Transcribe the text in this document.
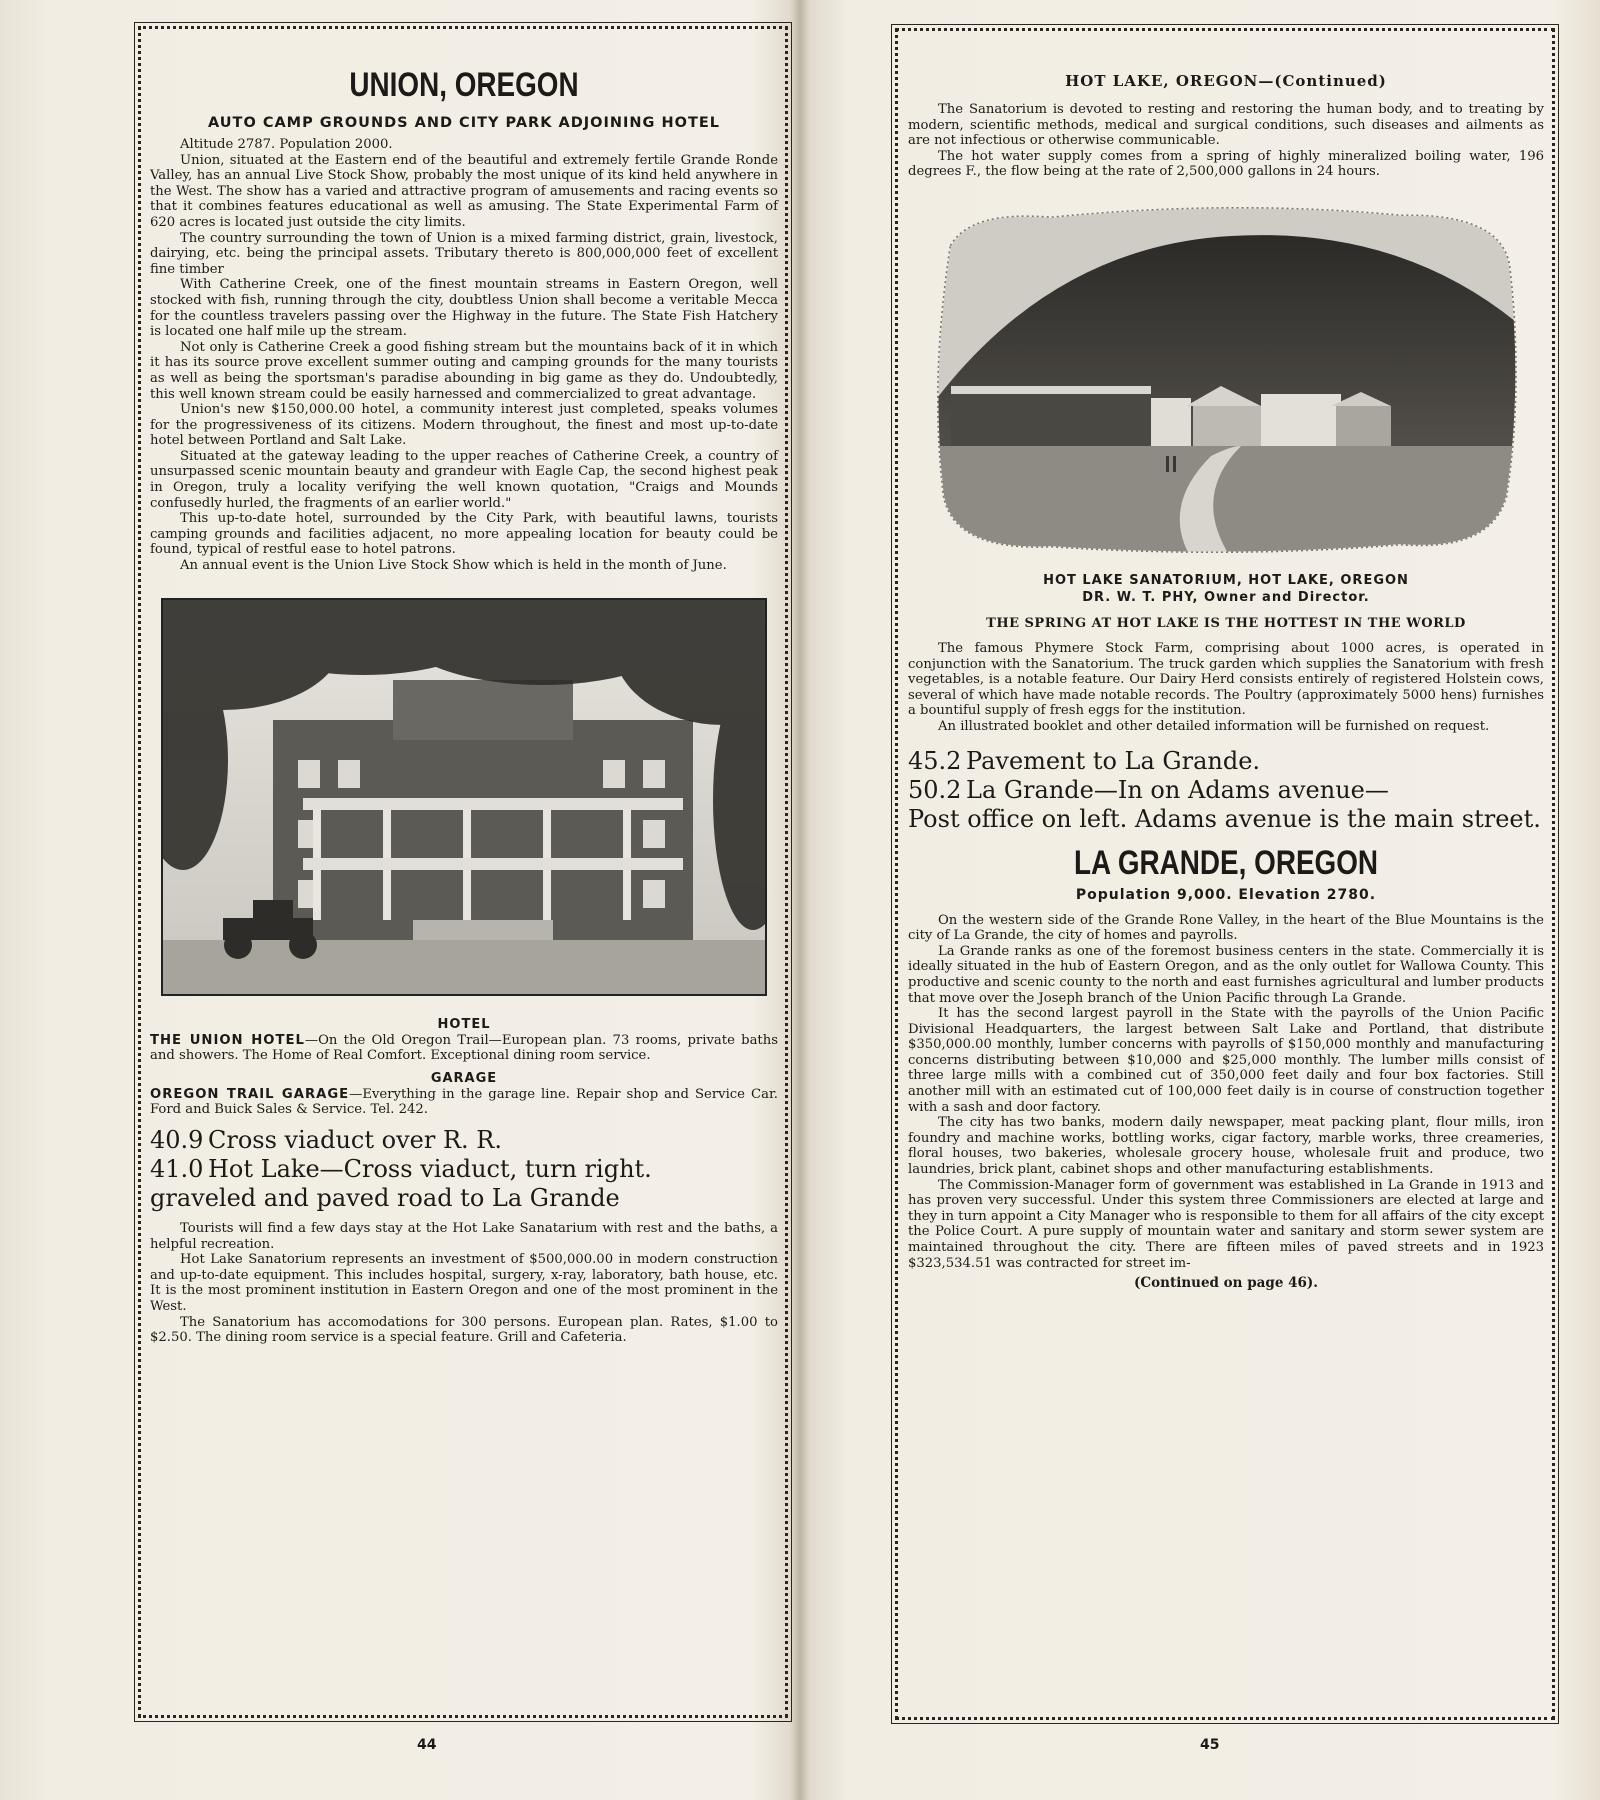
UNION, OREGON
AUTO CAMP GROUNDS AND CITY PARK ADJOINING HOTEL

Altitude 2787. Population 2000.

Union, situated at the Eastern end of the beautiful and extremely fertile Grande Ronde Valley, has an annual Live Stock Show, probably the most unique of its kind held anywhere in the West. The show has a varied and attractive program of amusements and racing events so that it combines features educational as well as amusing. The State Experimental Farm of 620 acres is located just outside the city limits.

The country surrounding the town of Union is a mixed farming district, grain, livestock, dairying, etc. being the principal assets. Tributary thereto is 800,000,000 feet of excellent fine timber

With Catherine Creek, one of the finest mountain streams in Eastern Oregon, well stocked with fish, running through the city, doubtless Union shall become a veritable Mecca for the countless travelers passing over the Highway in the future. The State Fish Hatchery is located one half mile up the stream.

Not only is Catherine Creek a good fishing stream but the mountains back of it in which it has its source prove excellent summer outing and camping grounds for the many tourists as well as being the sportsman's paradise abounding in big game as they do. Undoubtedly, this well known stream could be easily harnessed and commercialized to great advantage.

Union's new $150,000.00 hotel, a community interest just completed, speaks volumes for the progressiveness of its citizens. Modern throughout, the finest and most up-to-date hotel between Portland and Salt Lake.

Situated at the gateway leading to the upper reaches of Catherine Creek, a country of unsurpassed scenic mountain beauty and grandeur with Eagle Cap, the second highest peak in Oregon, truly a locality verifying the well known quotation, "Craigs and Mounds confusedly hurled, the fragments of an earlier world."

This up-to-date hotel, surrounded by the City Park, with beautiful lawns, tourists camping grounds and facilities adjacent, no more appealing location for beauty could be found, typical of restful ease to hotel patrons.

An annual event is the Union Live Stock Show which is held in the month of June.

HOTEL

THE UNION HOTEL—On the Old Oregon Trail—European plan. 73 rooms, private baths and showers. The Home of Real Comfort. Exceptional dining room service.

GARAGE

OREGON TRAIL GARAGE—Everything in the garage line. Repair shop and Service Car. Ford and Buick Sales & Service. Tel. 242.

40.9 Cross viaduct over R. R.
41.0 Hot Lake—Cross viaduct, turn right.
graveled and paved road to La Grande

Tourists will find a few days stay at the Hot Lake Sanatarium with rest and the baths, a helpful recreation.

Hot Lake Sanatorium represents an investment of $500,000.00 in modern construction and up-to-date equipment. This includes hospital, surgery, x-ray, laboratory, bath house, etc. It is the most prominent institution in Eastern Oregon and one of the most prominent in the West.

The Sanatorium has accomodations for 300 persons. European plan. Rates, $1.00 to $2.50. The dining room service is a special feature. Grill and Cafeteria.

44
HOT LAKE, OREGON—(Continued)

The Sanatorium is devoted to resting and restoring the human body, and to treating by modern, scientific methods, medical and surgical conditions, such diseases and ailments as are not infectious or otherwise communicable.

The hot water supply comes from a spring of highly mineralized boiling water, 196 degrees F., the flow being at the rate of 2,500,000 gallons in 24 hours.

HOT LAKE SANATORIUM, HOT LAKE, OREGON
DR. W. T. PHY, Owner and Director.
THE SPRING AT HOT LAKE IS THE HOTTEST IN THE WORLD

The famous Phymere Stock Farm, comprising about 1000 acres, is operated in conjunction with the Sanatorium. The truck garden which supplies the Sanatorium with fresh vegetables, is a notable feature. Our Dairy Herd consists entirely of registered Holstein cows, several of which have made notable records. The Poultry (approximately 5000 hens) furnishes a bountiful supply of fresh eggs for the institution.

An illustrated booklet and other detailed information will be furnished on request.

45.2 Pavement to La Grande.
50.2 La Grande—In on Adams avenue—
Post office on left. Adams avenue is the main street.
LA GRANDE, OREGON
Population 9,000. Elevation 2780.

On the western side of the Grande Rone Valley, in the heart of the Blue Mountains is the city of La Grande, the city of homes and payrolls.

La Grande ranks as one of the foremost business centers in the state. Commercially it is ideally situated in the hub of Eastern Oregon, and as the only outlet for Wallowa County. This productive and scenic county to the north and east furnishes agricultural and lumber products that move over the Joseph branch of the Union Pacific through La Grande.

It has the second largest payroll in the State with the payrolls of the Union Pacific Divisional Headquarters, the largest between Salt Lake and Portland, that distribute $350,000.00 monthly, lumber concerns with payrolls of $150,000 monthly and manufacturing concerns distributing between $10,000 and $25,000 monthly. The lumber mills consist of three large mills with a combined cut of 350,000 feet daily and four box factories. Still another mill with an estimated cut of 100,000 feet daily is in course of construction together with a sash and door factory.

The city has two banks, modern daily newspaper, meat packing plant, flour mills, iron foundry and machine works, bottling works, cigar factory, marble works, three creameries, floral houses, two bakeries, wholesale grocery house, wholesale fruit and produce, two laundries, brick plant, cabinet shops and other manufacturing establishments.

The Commission-Manager form of government was established in La Grande in 1913 and has proven very successful. Under this system three Commissioners are elected at large and they in turn appoint a City Manager who is responsible to them for all affairs of the city except the Police Court. A pure supply of mountain water and sanitary and storm sewer system are maintained throughout the city. There are fifteen miles of paved streets and in 1923 $323,534.51 was contracted for street im-

(Continued on page 46).
45
